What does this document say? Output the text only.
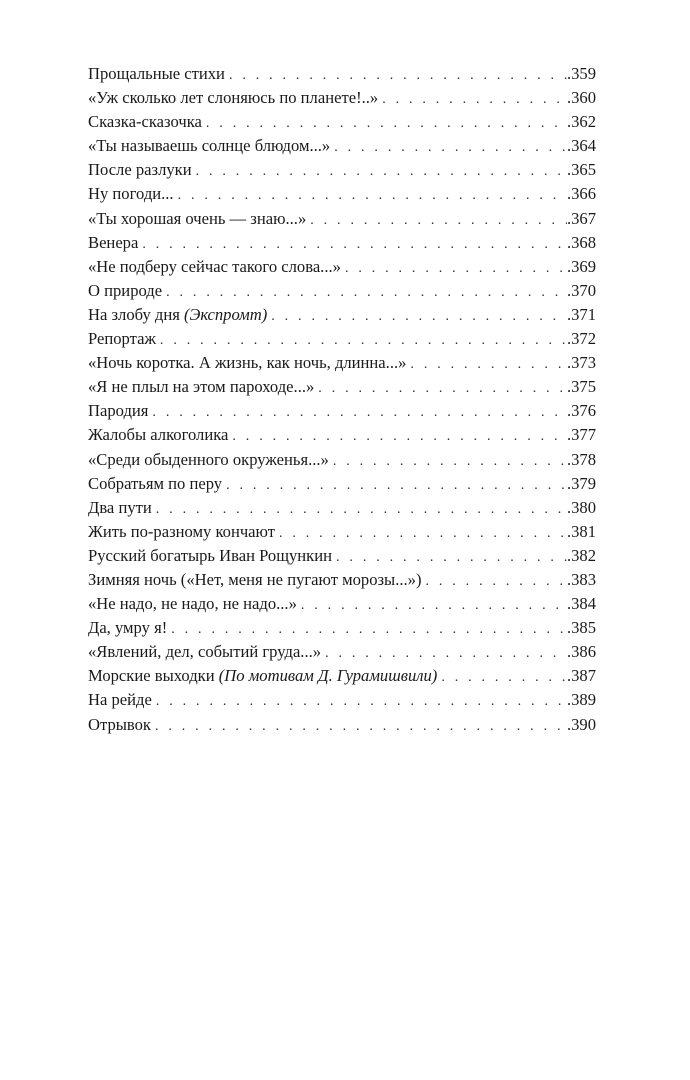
Прощальные стихи . . .	.359
«Уж сколько лет слоняюсь по планете!..» . . .	.360
Сказка-сказочка . . .	.362
«Ты называешь солнце блюдом...» . . .	.364
После разлуки . . .	.365
Ну погоди... . . .	.366
«Ты хорошая очень — знаю...» . . .	.367
Венера . . .	.368
«Не подберу сейчас такого слова...» . . .	.369
О природе . . .	.370
На злобу дня (Экспромт) . . .	.371
Репортаж . . .	.372
«Ночь коротка. А жизнь, как ночь, длинна...» . . .	.373
«Я не плыл на этом пароходе...» . . .	.375
Пародия . . .	.376
Жалобы алкоголика . . .	.377
«Среди обыденного окруженья...» . . .	.378
Собратьям по перу . . .	.379
Два пути . . .	.380
Жить по-разному кончают . . .	.381
Русский богатырь Иван Рощункин . . .	.382
Зимняя ночь («Нет, меня не пугают морозы...») . . .	.383
«Не надо, не надо, не надо...» . . .	.384
Да, умру я! . . .	.385
«Явлений, дел, событий груда...» . . .	.386
Морские выходки (По мотивам Д. Гурамишвили) . . .	.387
На рейде . . .	.389
Отрывок . . .	.390
